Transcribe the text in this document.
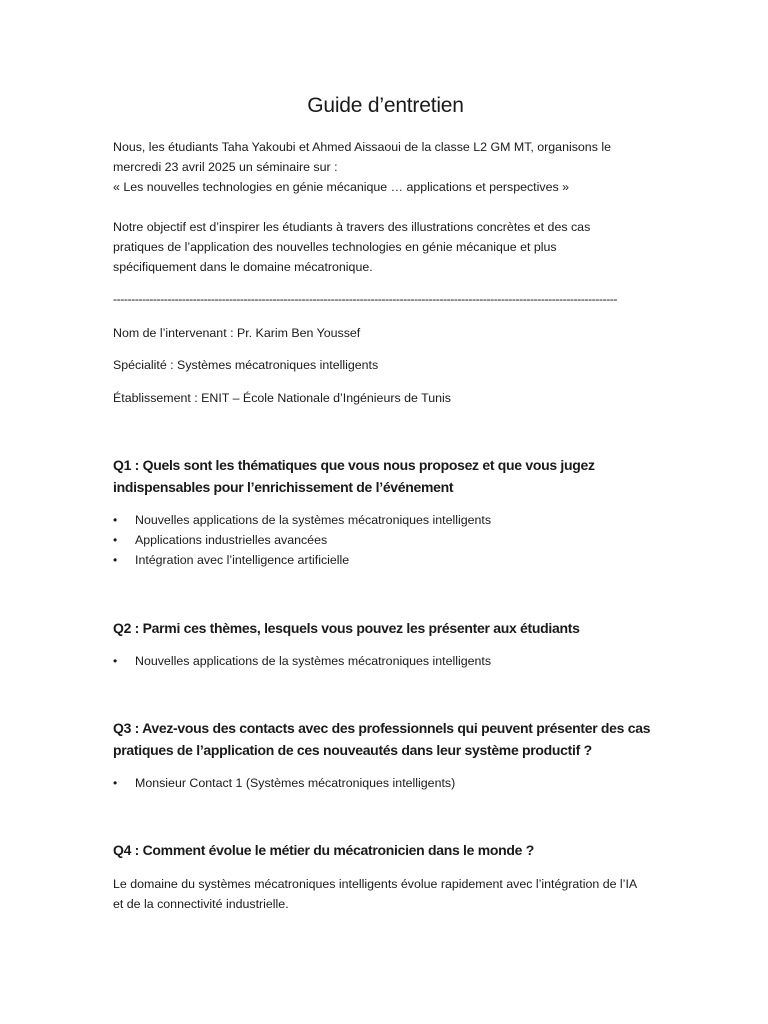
Guide d’entretien

Nous, les étudiants Taha Yakoubi et Ahmed Aissaoui de la classe L2 GM MT, organisons le

mercredi 23 avril 2025 un séminaire sur :

« Les nouvelles technologies en génie mécanique … applications et perspectives »

Notre objectif est d’inspirer les étudiants à travers des illustrations concrètes et des cas

pratiques de l’application des nouvelles technologies en génie mécanique et plus

spécifiquement dans le domaine mécatronique.

-------------------------------------------------------------------------------------------------------------------------------------------

Nom de l’intervenant : Pr. Karim Ben Youssef

Spécialité : Systèmes mécatroniques intelligents

Établissement : ENIT – École Nationale d’Ingénieurs de Tunis

Q1 : Quels sont les thématiques que vous nous proposez et que vous jugez
indispensables pour l’enrichissement de l’événement
• Nouvelles applications de la systèmes mécatroniques intelligents
• Applications industrielles avancées
• Intégration avec l’intelligence artificielle
Q2 : Parmi ces thèmes, lesquels vous pouvez les présenter aux étudiants
• Nouvelles applications de la systèmes mécatroniques intelligents
Q3 : Avez-vous des contacts avec des professionnels qui peuvent présenter des cas
pratiques de l’application de ces nouveautés dans leur système productif ?
• Monsieur Contact 1 (Systèmes mécatroniques intelligents)
Q4 : Comment évolue le métier du mécatronicien dans le monde ?

Le domaine du systèmes mécatroniques intelligents évolue rapidement avec l’intégration de l’IA

et de la connectivité industrielle.
